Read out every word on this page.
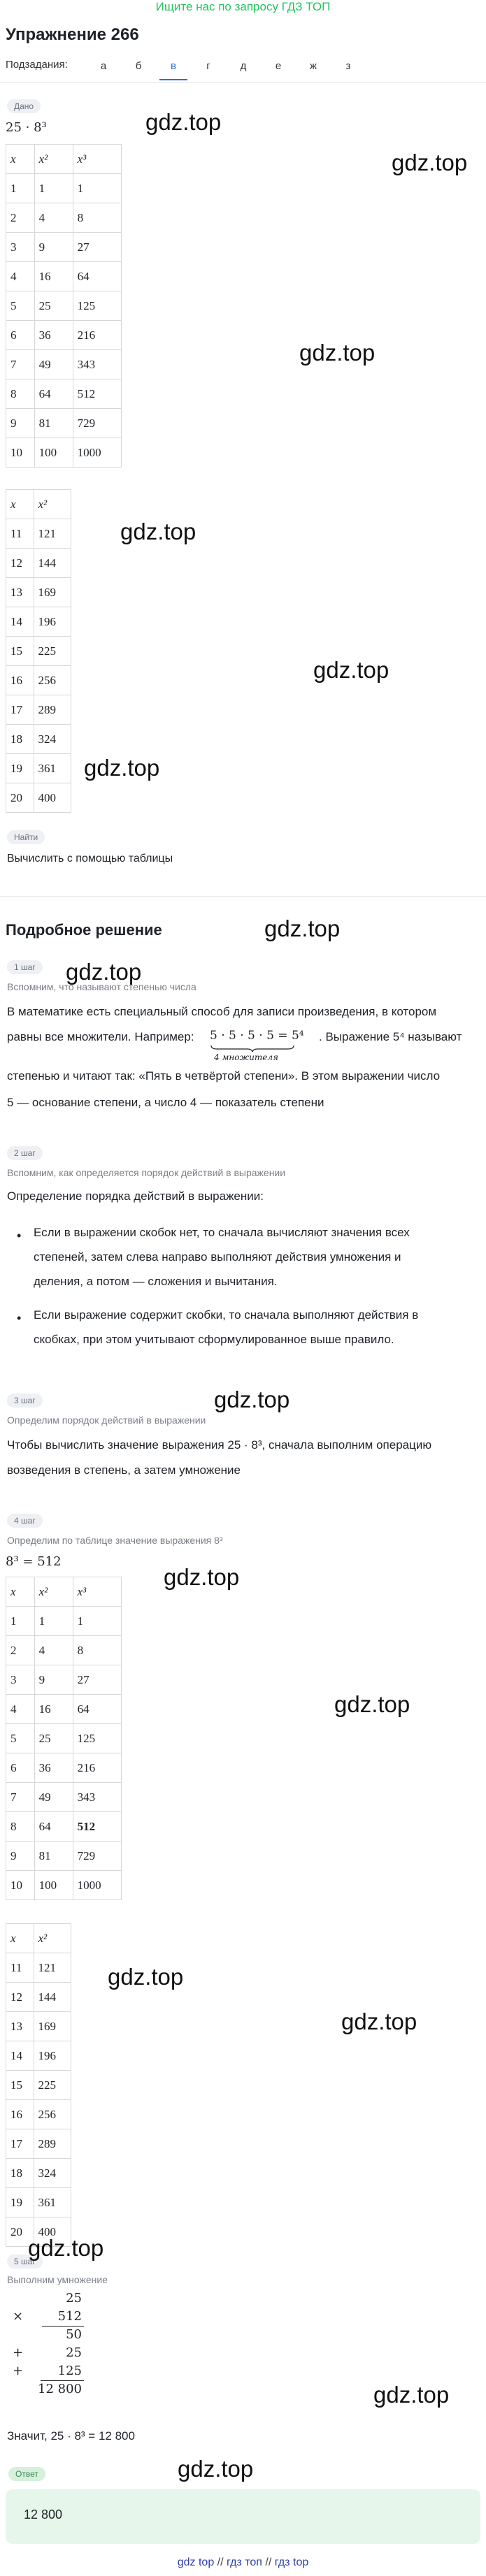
Ищите нас по запросу ГДЗ ТОП
Упражнение 266
Подзадания:	а	б	в	г	д	е	ж	з
Дано
25 · 8³
x	x²	x³
1	1	1
2	4	8
3	9	27
4	16	64
5	25	125
6	36	216
7	49	343
8	64	512
9	81	729
10	100	1000
x	x²
11	121
12	144
13	169
14	196
15	225
16	256
17	289
18	324
19	361
20	400
Найти
Вычислить с помощью таблицы
Подробное решение
1 шаг
Вспомним, что называют степенью числа
В математике есть специальный способ для записи произведения, в котором
равны все множители. Например: 5 · 5 · 5 · 5 = 5⁴
4 множителя
. Выражение 5⁴ называют
степенью и читают так: «Пять в четвёртой степени». В этом выражении число
5 — основание степени, а число 4 — показатель степени
2 шаг
Вспомним, как определяется порядок действий в выражении
Определение порядка действий в выражении:
• Если в выражении скобок нет, то сначала вычисляют значения всех
степеней, затем слева направо выполняют действия умножения и
деления, а потом — сложения и вычитания.
• Если выражение содержит скобки, то сначала выполняют действия в
скобках, при этом учитывают сформулированное выше правило.
3 шаг
Определим порядок действий в выражении
Чтобы вычислить значение выражения 25 · 8³, сначала выполним операцию
возведения в степень, а затем умножение
4 шаг
Определим по таблице значение выражения 8³
8³ = 512
x	x²	x³
1	1	1
2	4	8
3	9	27
4	16	64
5	25	125
6	36	216
7	49	343
8	64	512
9	81	729
10	100	1000
x	x²
11	121
12	144
13	169
14	196
15	225
16	256
17	289
18	324
19	361
20	400
5 шаг
Выполним умножение
25
×	512
50
+	25
+	125
12 800
Значит, 25 · 8³ = 12 800
Ответ
12 800
gdz top // гдз топ // гдз top
gdz.top
gdz.top
gdz.top
gdz.top
gdz.top
gdz.top
gdz.top
gdz.top
gdz.top
gdz.top
gdz.top
gdz.top
gdz.top
gdz.top
gdz.top
gdz.top
